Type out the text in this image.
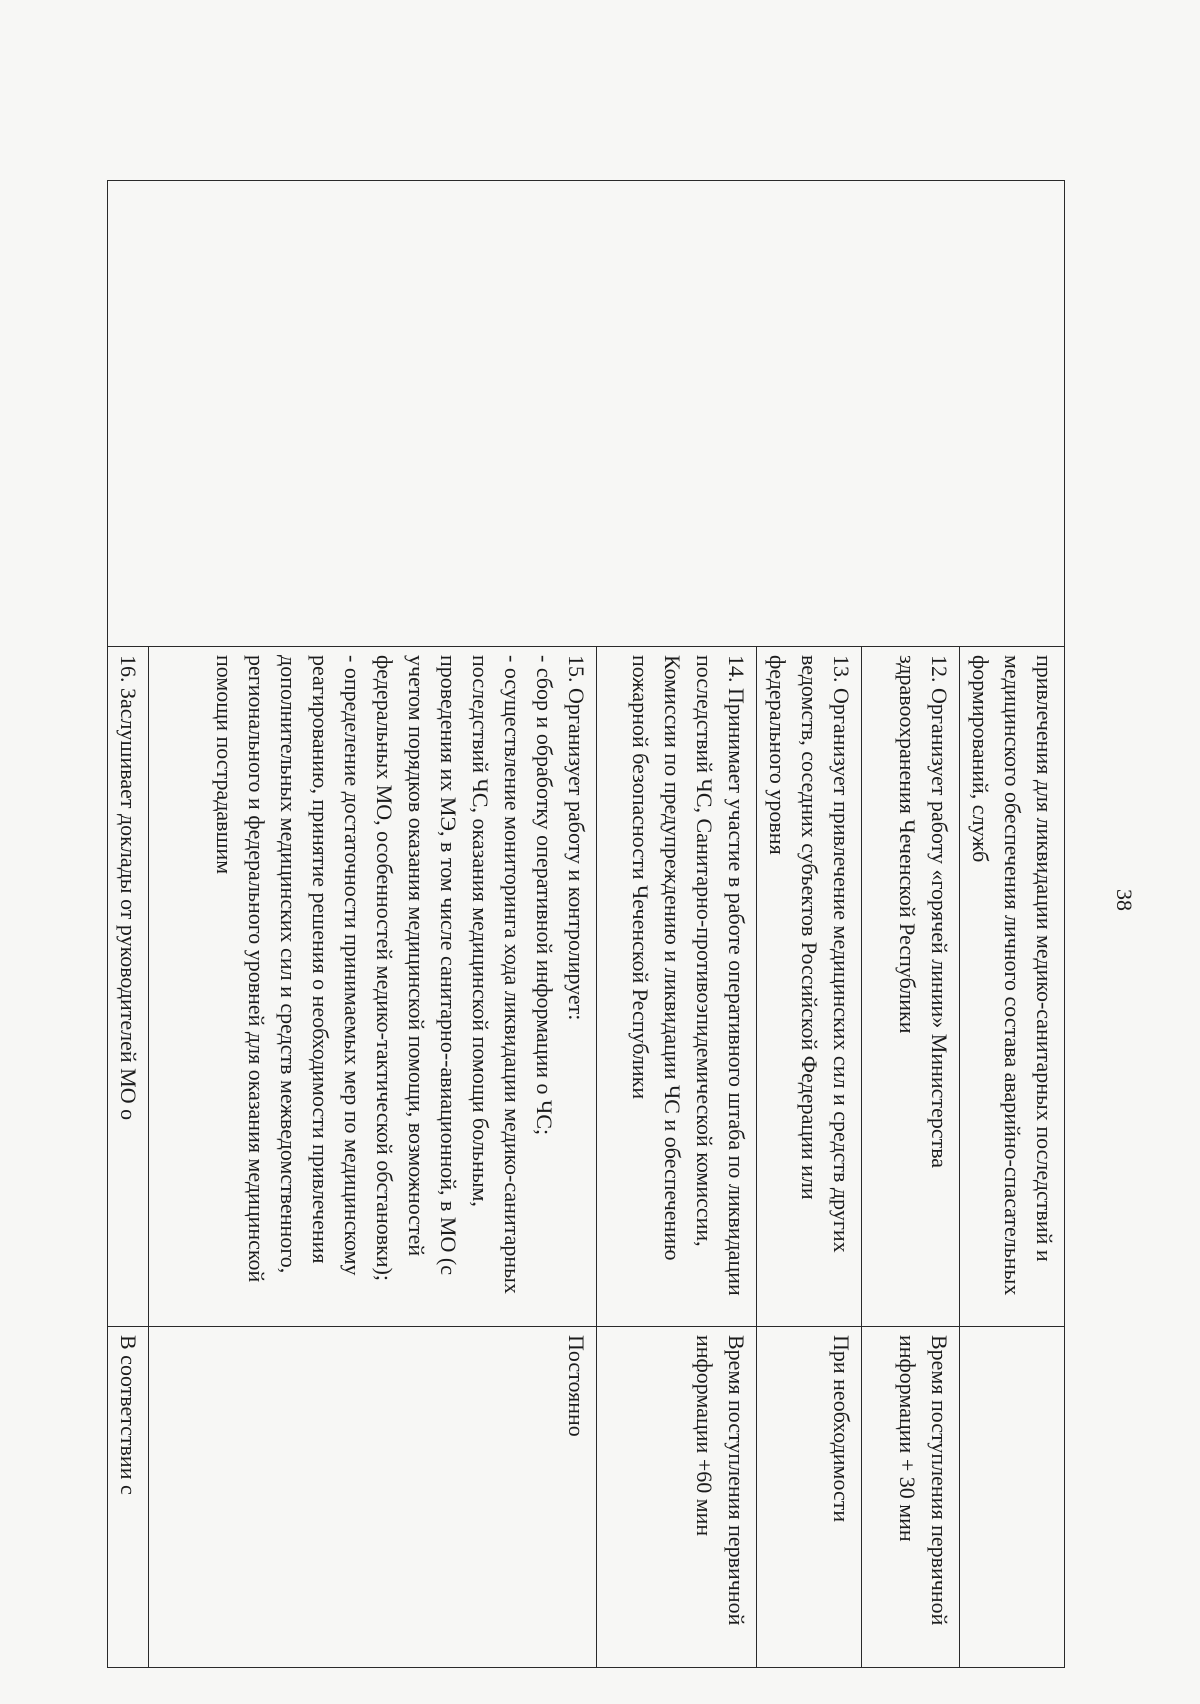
38
	привлечения для ликвидации медико-санитарных последствий и медицинского обеспечения личного состава аварийно-спасательных формирований, служб	
	12. Организует работу «горячей линии» Министерства здравоохранения Чеченской Республики	Время поступления первичной информации + 30 мин
	13. Организует привлечение медицинских сил и средств других ведомств, соседних субъектов Российской Федерации или федерального уровня	При необходимости
	14. Принимает участие в работе оперативного штаба по ликвидации последствий ЧС, Санитарно-противоэпидемической комиссии, Комиссии по предупреждению и ликвидации ЧС и обеспечению пожарной безопасности Чеченской Республики	Время поступления первичной информации +60 мин
	15. Организует работу и контролирует:
- сбор и обработку оперативной информации о ЧС;
- осуществление мониторинга хода ликвидации медико-санитарных последствий ЧС, оказания медицинской помощи больным, проведения их МЭ, в том числе санитарно--авиационной, в МО (с учетом порядков оказания медицинской помощи, возможностей федеральных МО, особенностей медико-тактической обстановки);
- определение достаточности принимаемых мер по медицинскому реагированию, принятие решения о необходимости привлечения дополнительных медицинских сил и средств межведомственного, регионального и федерального уровней для оказания медицинской помощи пострадавшим	Постоянно
	16. Заслушивает доклады от руководителей МО о	В соответствии с
